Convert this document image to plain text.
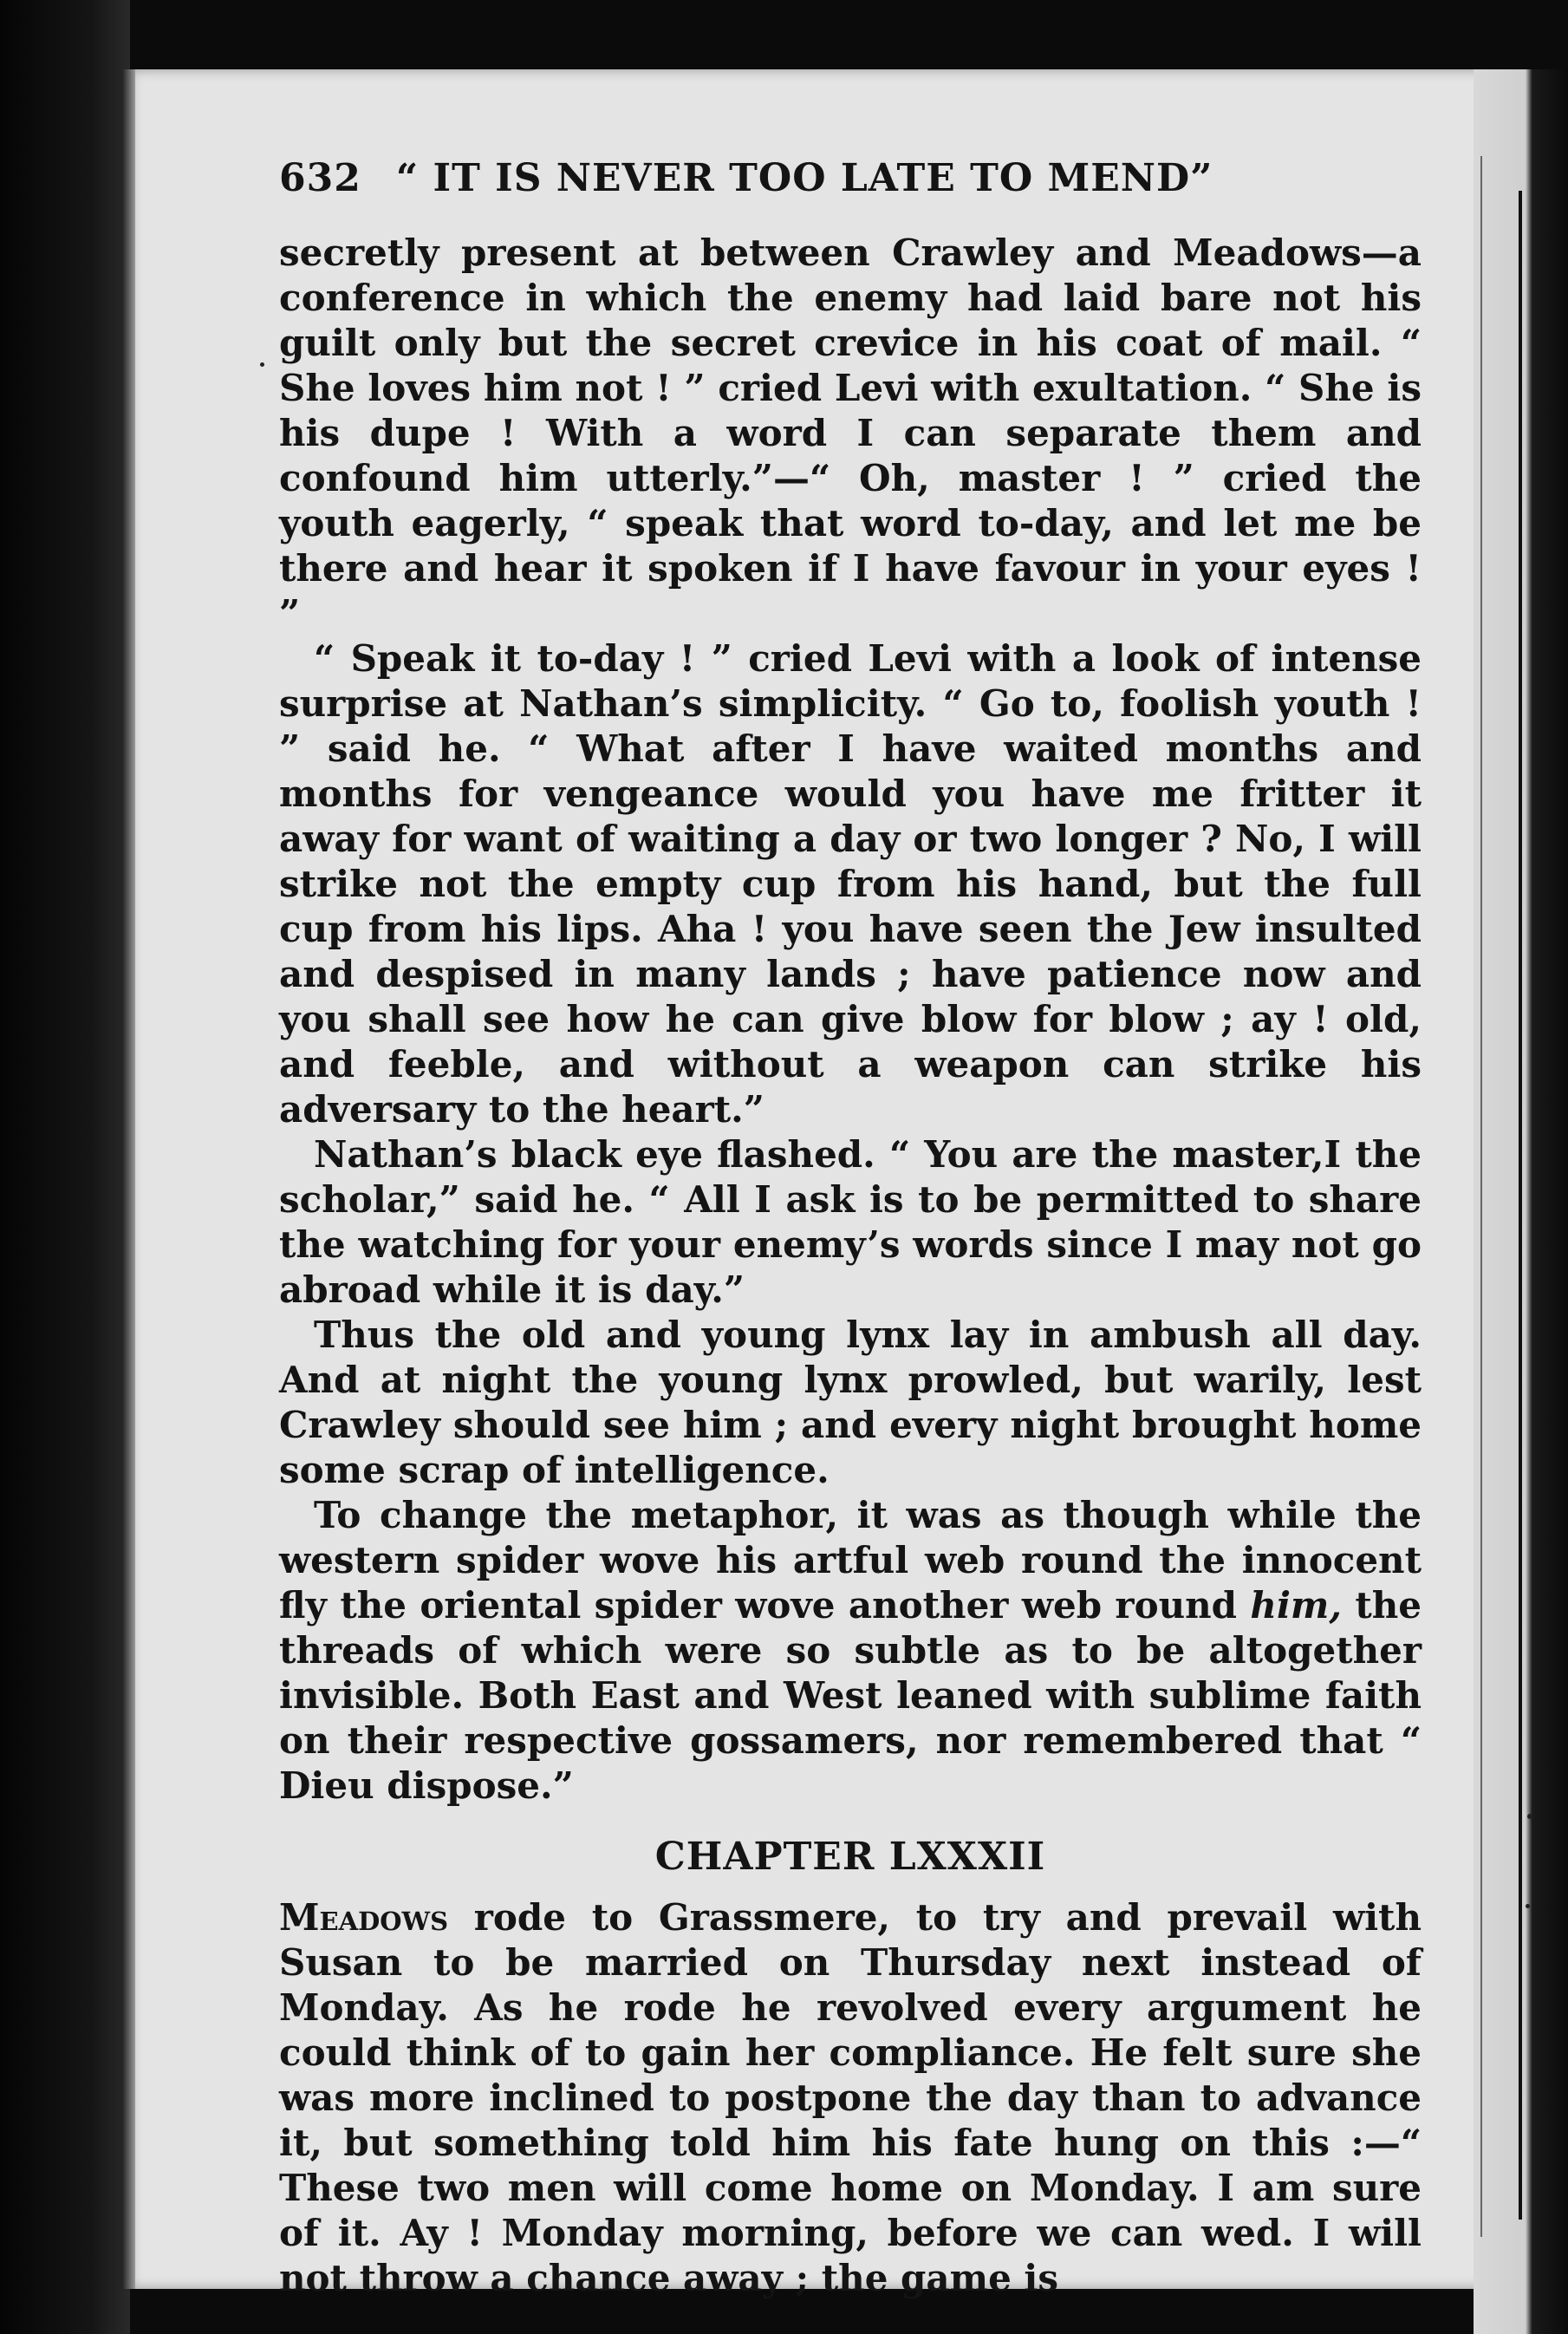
632 “ IT IS NEVER TOO LATE TO MEND”

secretly present at between Crawley and Meadows—a conference in which the enemy had laid bare not his guilt only but the secret crevice in his coat of mail. “ She loves him not ! ” cried Levi with exultation. “ She is his dupe ! With a word I can separate them and confound him utterly.”—“ Oh, master ! ” cried the youth eagerly, “ speak that word to-day, and let me be there and hear it spoken if I have favour in your eyes ! ”

“ Speak it to-day ! ” cried Levi with a look of intense surprise at Nathan’s simplicity. “ Go to, foolish youth ! ” said he. “ What after I have waited months and months for vengeance would you have me fritter it away for want of waiting a day or two longer ? No, I will strike not the empty cup from his hand, but the full cup from his lips. Aha ! you have seen the Jew insulted and despised in many lands ; have patience now and you shall see how he can give blow for blow ; ay ! old, and feeble, and without a weapon can strike his adversary to the heart.”

Nathan’s black eye flashed. “ You are the master,I the scholar,” said he. “ All I ask is to be permitted to share the watching for your enemy’s words since I may not go abroad while it is day.”

Thus the old and young lynx lay in ambush all day. And at night the young lynx prowled, but warily, lest Crawley should see him ; and every night brought home some scrap of intelligence.

To change the metaphor, it was as though while the western spider wove his artful web round the innocent fly the oriental spider wove another web round him, the threads of which were so subtle as to be altogether invisible. Both East and West leaned with sublime faith on their respective gossamers, nor remembered that “ Dieu dispose.”

CHAPTER LXXXII

Meadows rode to Grassmere, to try and prevail with Susan to be married on Thursday next instead of Monday. As he rode he revolved every argument he could think of to gain her compliance. He felt sure she was more inclined to postpone the day than to advance it, but something told him his fate hung on this :—“ These two men will come home on Monday. I am sure of it. Ay ! Monday morning, before we can wed. I will not throw a chance away ; the game is
